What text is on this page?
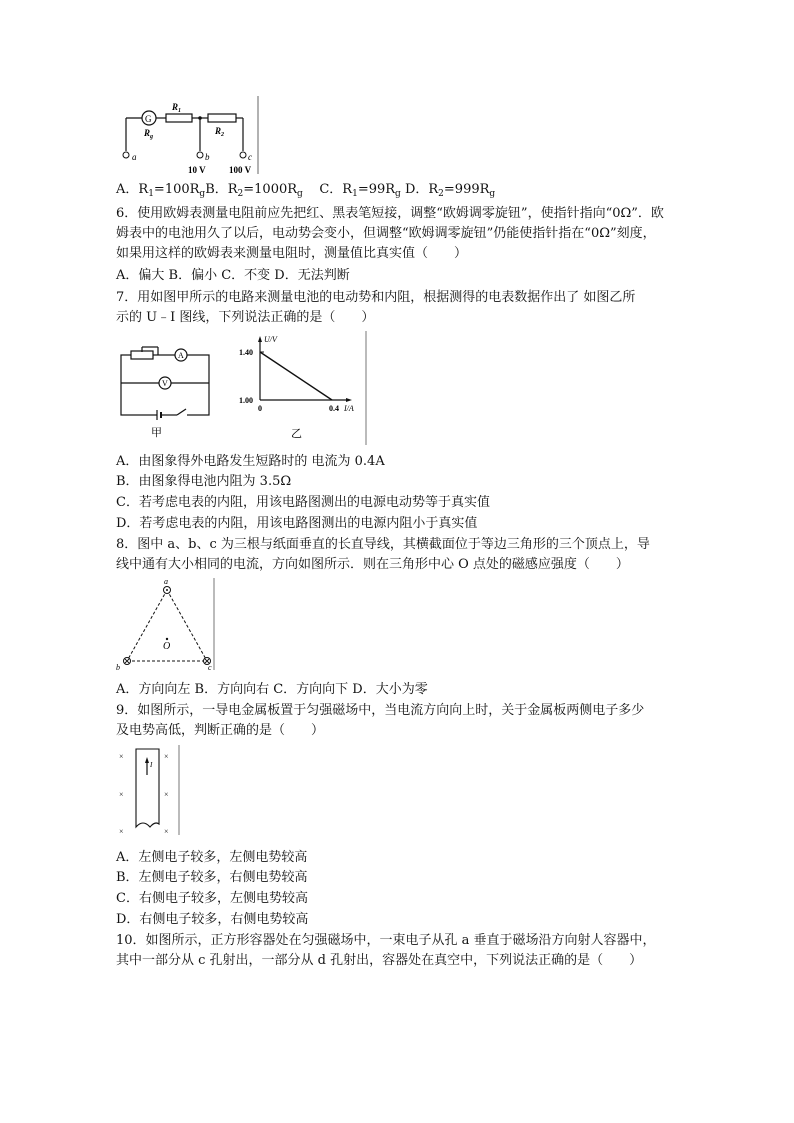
G
$R_g$
$R_1$
$R_2$
a	b	c
10 V	100 V
A．$R_1=100R_gB$．$R_2=1000R_g$ C．$R_1=99R_g$ D．$R_2=999R_g$
6．使用欧姆表测量电阻前应先把红、黑表笔短接，调整“欧姆调零旋钮”，使指针指向“0Ω”．欧
姆表中的电池用久了以后，电动势会变小，但调整“欧姆调零旋钮”仍能使指针指在“0Ω”刻度，
如果用这样的欧姆表来测量电阻时，测量值比真实值（　　）
A．偏大 B．偏小 C．不变 D．无法判断
7．用如图甲所示的电路来测量电池的电动势和内阻，根据测得的电表数据作出了 如图乙所
示的 U﹣I 图线，下列说法正确的是（　　）
A
V
甲
U/V
1.40
1.00
0	0.4 I/A
乙
A．由图象得外电路发生短路时的 电流为 0.4A
B．由图象得电池内阻为 3.5Ω
C．若考虑电表的内阻，用该电路图测出的电源电动势等于真实值
D．若考虑电表的内阻，用该电路图测出的电源内阻小于真实值
8．图中 a、b、c 为三根与纸面垂直的长直导线，其横截面位于等边三角形的三个顶点上，导
线中通有大小相同的电流，方向如图所示．则在三角形中心 O 点处的磁感应强度（　　）
a
b	c
O
A．方向向左 B．方向向右 C．方向向下 D．大小为零
9．如图所示，一导电金属板置于匀强磁场中，当电流方向向上时，关于金属板两侧电子多少
及电势高低，判断正确的是（　　）
×	×
×	×
×	×
I
A．左侧电子较多，左侧电势较高
B．左侧电子较多，右侧电势较高
C．右侧电子较多，左侧电势较高
D．右侧电子较多，右侧电势较高
10．如图所示，正方形容器处在匀强磁场中，一束电子从孔 a 垂直于磁场沿方向射人容器中，
其中一部分从 c 孔射出，一部分从 d 孔射出，容器处在真空中，下列说法正确的是（　　）
